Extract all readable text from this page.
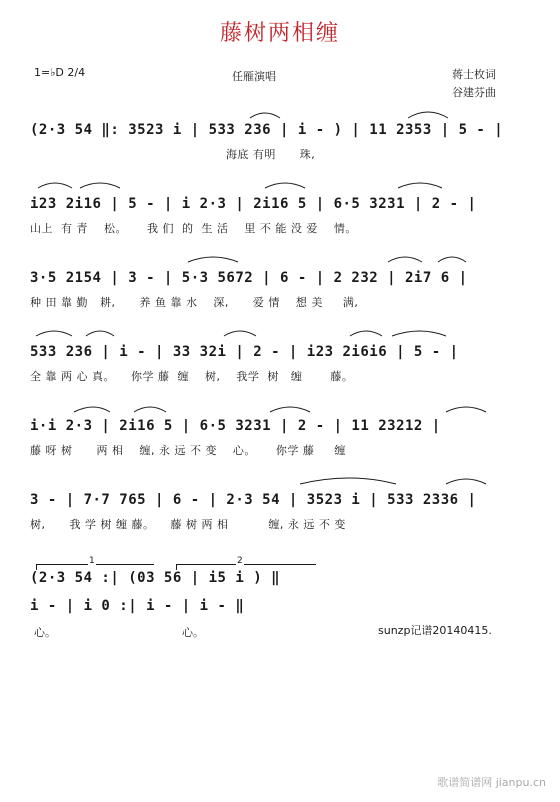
藤树两相缠
1=♭D 2/4	任雁演唱	蒋士枚词
谷建芬曲
(2·3 54 ‖: 3523 i | 533 236 | i - ) | 11 2353 | 5 - |
海底 有明      珠,
i23 2i16 | 5 - | i 2·3 | 2i16 5 | 6·5 3231 | 2 - |
山上  有 青    松。     我 们  的  生 活    里 不 能 没 爱    情。
3·5 2154 | 3 - | 5·3 5672 | 6 - | 2 232 | 2i7 6 |
种 田 靠 勤   耕,      养 鱼 靠 水    深,      爱 情    想 美     满,
533 236 | i - | 33 32i | 2 - | i23 2i6i6 | 5 - |
全 靠 两 心 真。    你学 藤  缠    树,    我学  树   缠       藤。
i·i 2·3 | 2i16 5 | 6·5 3231 | 2 - | 11 23212 |
藤 呀 树      两 相    缠, 永 远 不 变    心。     你学 藤     缠
3 - | 7·7 765 | 6 - | 2·3 54 | 3523 i | 533 2336 |
树,      我 学 树 缠 藤。    藤 树 两 相          缠, 永 远 不 变
1	2
(2·3 54 :| (03 56 | i5 i ) ‖
i - | i 0 :| i - | i - ‖
心。	心。	sunzp记谱20140415.
歌谱简谱网 jianpu.cn
